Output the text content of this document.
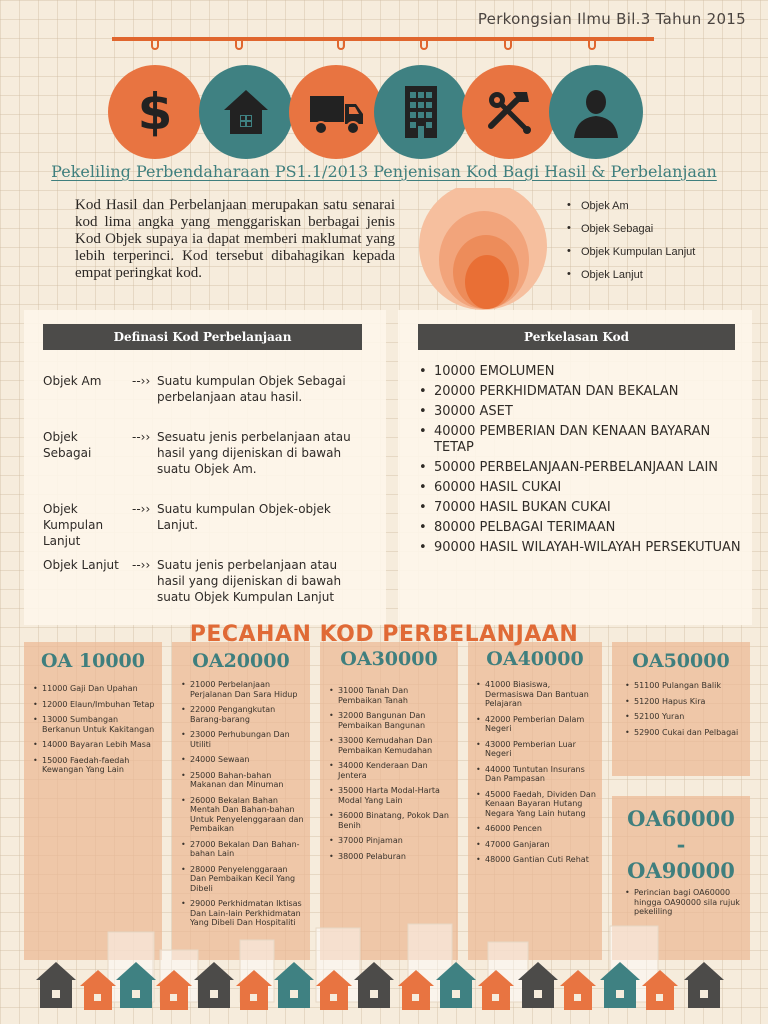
Perkongsian Ilmu Bil.3 Tahun 2015
$
Pekeliling Perbendaharaan PS1.1/2013 Penjenisan Kod Bagi Hasil & Perbelanjaan
Kod Hasil dan Perbelanjaan merupakan satu senarai kod lima angka yang menggariskan berbagai jenis Kod Objek supaya ia dapat memberi maklumat yang lebih terperinci. Kod tersebut dibahagikan kepada empat peringkat kod.
• Objek Am
• Objek Sebagai
• Objek Kumpulan Lanjut
• Objek Lanjut
Definasi Kod Perbelanjaan
Objek Am	--›› Suatu kumpulan Objek Sebagai perbelanjaan atau hasil.
Objek Sebagai
--›› Sesuatu jenis perbelanjaan atau hasil yang dijeniskan di bawah suatu Objek Am.
Objek Kumpulan Lanjut
--›› Suatu kumpulan Objek-objek Lanjut.
Objek Lanjut	--›› Suatu jenis perbelanjaan atau hasil yang dijeniskan di bawah suatu Objek Kumpulan Lanjut
Perkelasan Kod
• 10000 EMOLUMEN
• 20000 PERKHIDMATAN DAN BEKALAN
• 30000 ASET
• 40000 PEMBERIAN DAN KENAAN BAYARAN TETAP
• 50000 PERBELANJAAN-PERBELANJAAN LAIN
• 60000 HASIL CUKAI
• 70000 HASIL BUKAN CUKAI
• 80000 PELBAGAI TERIMAAN
• 90000 HASIL WILAYAH-WILAYAH PERSEKUTUAN
PECAHAN KOD PERBELANJAAN
OA 10000
• 11000 Gaji Dan Upahan
• 12000 Elaun/Imbuhan Tetap
• 13000 Sumbangan Berkanun Untuk Kakitangan
• 14000 Bayaran Lebih Masa
• 15000 Faedah-faedah Kewangan Yang Lain
OA20000
• 21000 Perbelanjaan Perjalanan Dan Sara Hidup
• 22000 Pengangkutan Barang-barang
• 23000 Perhubungan Dan Utiliti
• 24000 Sewaan
• 25000 Bahan-bahan Makanan dan Minuman
• 26000 Bekalan Bahan Mentah Dan Bahan-bahan Untuk Penyelenggaraan dan Pembaikan
• 27000 Bekalan Dan Bahan-bahan Lain
• 28000 Penyelenggaraan Dan Pembaikan Kecil Yang Dibeli
• 29000 Perkhidmatan Iktisas Dan Lain-lain Perkhidmatan Yang Dibeli Dan Hospitaliti
OA30000
• 31000 Tanah Dan Pembaikan Tanah
• 32000 Bangunan Dan Pembaikan Bangunan
• 33000 Kemudahan Dan Pembaikan Kemudahan
• 34000 Kenderaan Dan Jentera
• 35000 Harta Modal-Harta Modal Yang Lain
• 36000 Binatang, Pokok Dan Benih
• 37000 Pinjaman
• 38000 Pelaburan
OA40000
• 41000 Biasiswa, Dermasiswa Dan Bantuan Pelajaran
• 42000 Pemberian Dalam Negeri
• 43000 Pemberian Luar Negeri
• 44000 Tuntutan Insurans Dan Pampasan
• 45000 Faedah, Dividen Dan Kenaan Bayaran Hutang Negara Yang Lain hutang
• 46000 Pencen
• 47000 Ganjaran
• 48000 Gantian Cuti Rehat
OA50000
• 51100 Pulangan Balik
• 51200 Hapus Kira
• 52100 Yuran
• 52900 Cukai dan Pelbagai
OA60000
-
OA90000
• Perincian bagi OA60000 hingga OA90000 sila rujuk pekeliling
